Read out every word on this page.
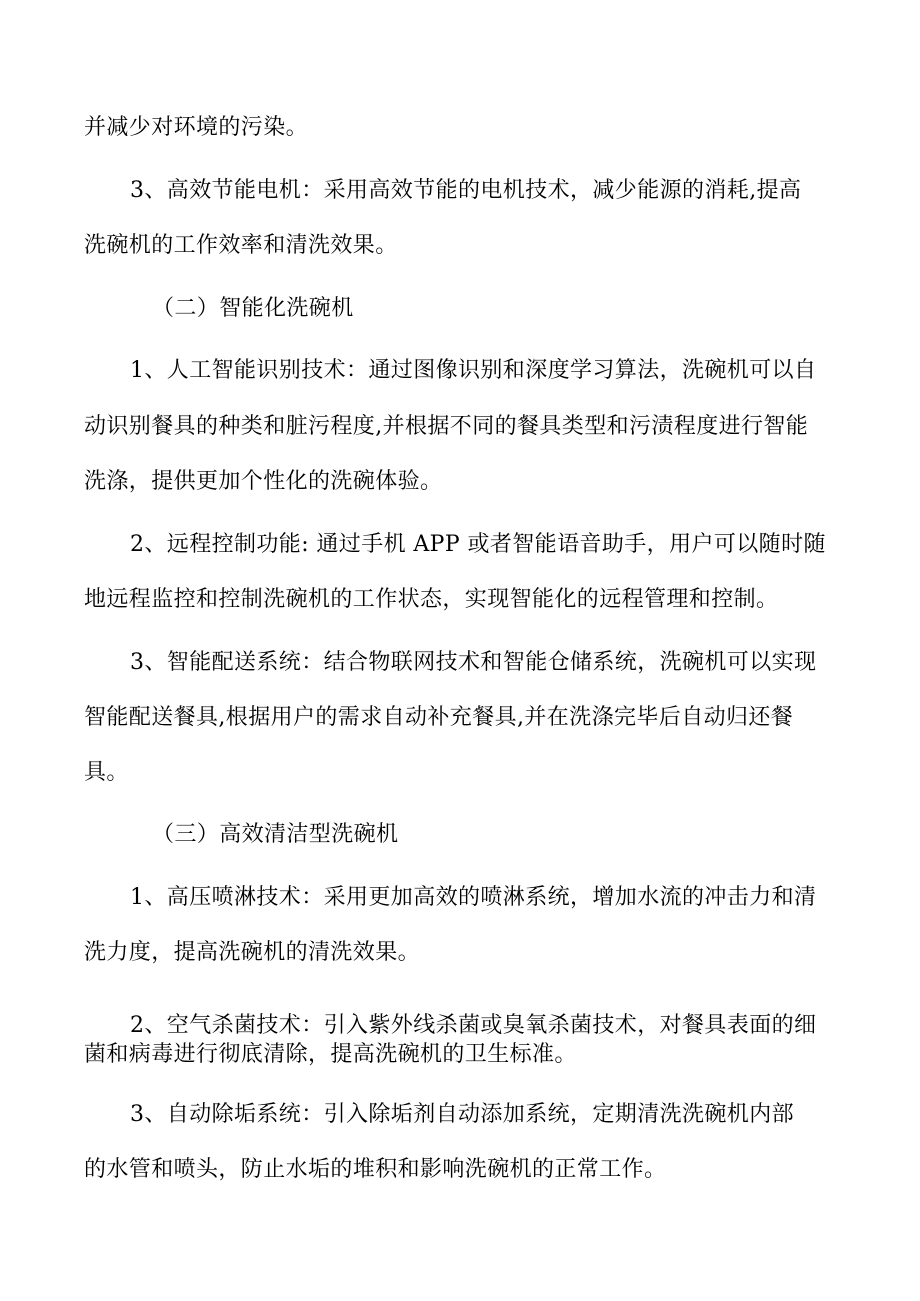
并减少对环境的污染。
3、高效节能电机：采用高效节能的电机技术，减少能源的消耗,提高
洗碗机的工作效率和清洗效果。
（二）智能化洗碗机
1、人工智能识别技术：通过图像识别和深度学习算法，洗碗机可以自
动识别餐具的种类和脏污程度,并根据不同的餐具类型和污渍程度进行智能
洗涤，提供更加个性化的洗碗体验。
2、远程控制功能: 通过手机 APP 或者智能语音助手，用户可以随时随
地远程监控和控制洗碗机的工作状态，实现智能化的远程管理和控制。
3、智能配送系统：结合物联网技术和智能仓储系统，洗碗机可以实现
智能配送餐具,根据用户的需求自动补充餐具,并在洗涤完毕后自动归还餐
具。
（三）高效清洁型洗碗机
1、高压喷淋技术：采用更加高效的喷淋系统，增加水流的冲击力和清
洗力度，提高洗碗机的清洗效果。
2、空气杀菌技术：引入紫外线杀菌或臭氧杀菌技术，对餐具表面的细
菌和病毒进行彻底清除，提高洗碗机的卫生标准。
3、自动除垢系统：引入除垢剂自动添加系统，定期清洗洗碗机内部
的水管和喷头，防止水垢的堆积和影响洗碗机的正常工作。
